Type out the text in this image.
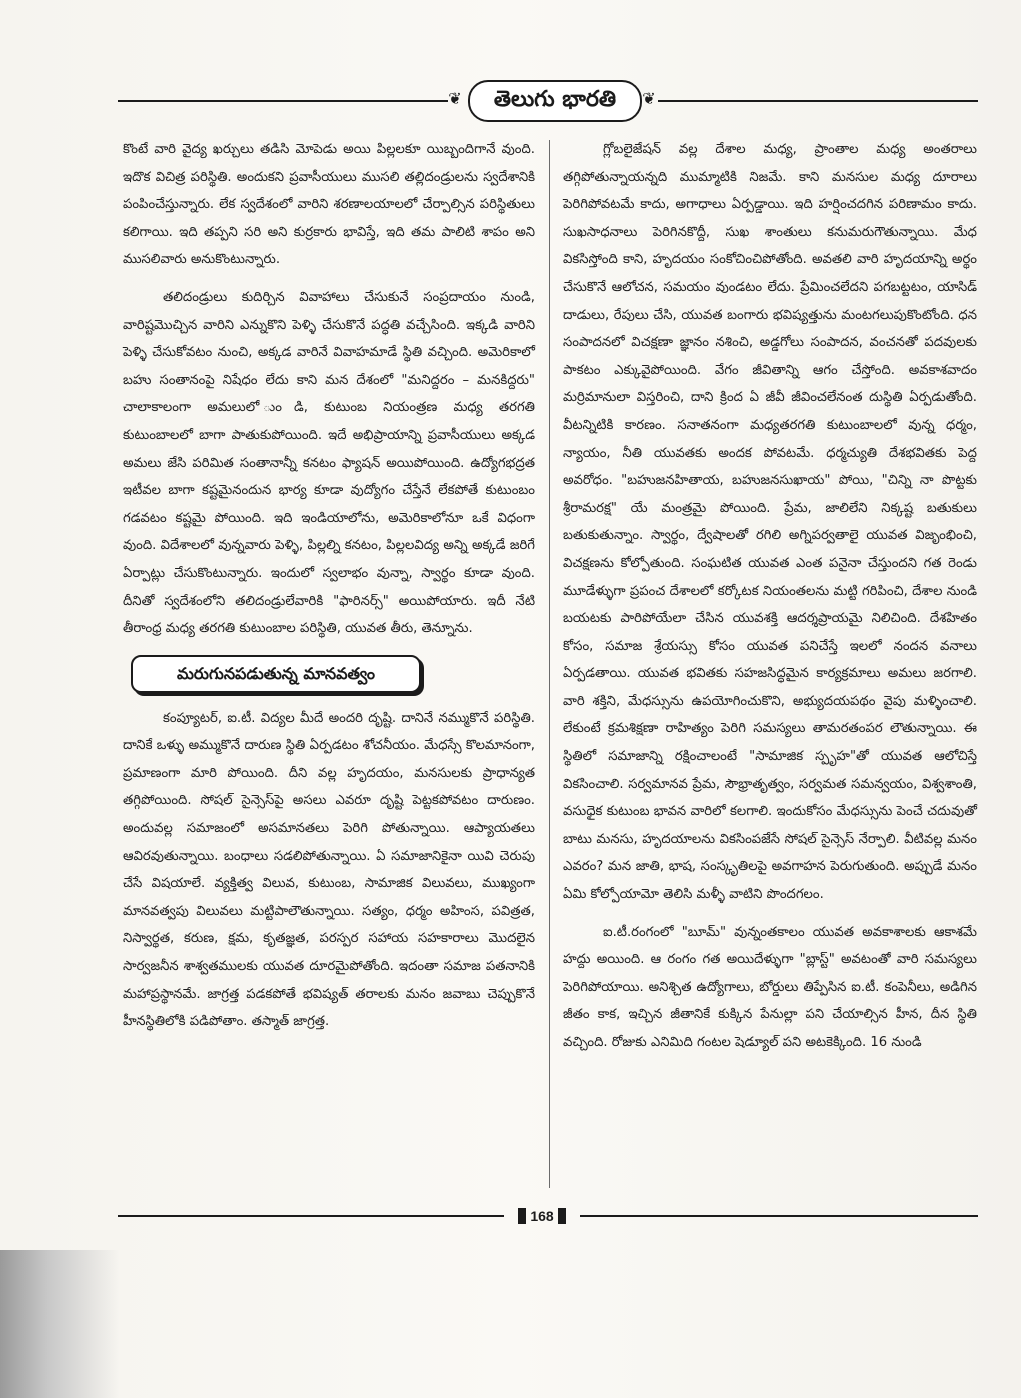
❦	తెలుగు భారతి	❦

కొంటే వారి వైద్య ఖర్చులు తడిసి మోపెడు అయి పిల్లలకూ యిబ్బందిగానే వుంది. ఇదొక విచిత్ర పరిస్థితి. అందుకని ప్రవాసీయులు ముసలి తల్లిదండ్రులను స్వదేశానికి పంపించేస్తున్నారు. లేక స్వదేశంలో వారిని శరణాలయాలలో చేర్పాల్సిన పరిస్థితులు కలిగాయి. ఇది తప్పని సరి అని కుర్రకారు భావిస్తే, ఇది తమ పాలిటి శాపం అని ముసలివారు అనుకొంటున్నారు.

తలిదండ్రులు కుదిర్చిన వివాహాలు చేసుకునే సంప్రదాయం నుండి, వారిష్టమొచ్చిన వారిని ఎన్నుకొని పెళ్ళి చేసుకొనే పద్ధతి వచ్చేసింది. ఇక్కడి వారిని పెళ్ళి చేసుకోవటం నుంచి, అక్కడ వారినే వివాహమాడే స్థితి వచ్చింది. అమెరికాలో బహు సంతానంపై నిషేధం లేదు కాని మన దేశంలో "మనిద్దరం – మనకిద్దరు" చాలాకాలంగా అమలులో ుండి, కుటుంబ నియంత్రణ మధ్య తరగతి కుటుంబాలలో బాగా పాతుకుపోయింది. ఇదే అభిప్రాయాన్ని ప్రవాసీయులు అక్కడ అమలు జేసి పరిమిత సంతానాన్నీ కనటం ఫ్యాషన్ అయిపోయింది. ఉద్యోగభద్రత ఇటీవల బాగా కష్టమైనందున భార్య కూడా వుద్యోగం చేస్తేనే లేకపోతే కుటుంబం గడవటం కష్టమై పోయింది. ఇది ఇండియాలోను, అమెరికాలోనూ ఒకే విధంగా వుంది. విదేశాలలో వున్నవారు పెళ్ళి, పిల్లల్ని కనటం, పిల్లలవిద్య అన్ని అక్కడే జరిగే ఏర్పాట్లు చేసుకొంటున్నారు. ఇందులో స్వలాభం వున్నా, స్వార్థం కూడా వుంది. దీనితో స్వదేశంలోని తలిదండ్రులేవారికి "ఫారినర్స్" అయిపోయారు. ఇదీ నేటి తీరాంధ్ర మధ్య తరగతి కుటుంబాల పరిస్థితి, యువత తీరు, తెన్నూను.

మరుగునపడుతున్న మానవత్వం

కంప్యూటర్, ఐ.టీ. విద్యల మీదే అందరి దృష్టి. దానినే నమ్ముకొనే పరిస్థితి. దానికే ఒళ్ళు అమ్ముకొనే దారుణ స్థితి ఏర్పడటం శోచనీయం. మేధస్సే కొలమానంగా, ప్రమాణంగా మారి పోయింది. దీని వల్ల హృదయం, మనసులకు ప్రాధాన్యత తగ్గిపోయింది. సోషల్ సైన్సెస్‌పై అసలు ఎవరూ దృష్టి పెట్టకపోవటం దారుణం. అందువల్ల సమాజంలో అసమానతలు పెరిగి పోతున్నాయి. ఆప్యాయతలు ఆవిరవుతున్నాయి. బంధాలు సడలిపోతున్నాయి. ఏ సమాజానికైనా యివి చెరుపు చేసే విషయాలే. వ్యక్తిత్వ విలువ, కుటుంబ, సామాజిక విలువలు, ముఖ్యంగా మానవత్వపు విలువలు మట్టిపాలౌతున్నాయి. సత్యం, ధర్మం అహింస, పవిత్రత, నిస్వార్థత, కరుణ, క్షమ, కృతజ్ఞత, పరస్పర సహాయ సహకారాలు మొదలైన సార్వజనీన శాశ్వతములకు యువత దూరమైపోతోంది. ఇదంతా సమాజ పతనానికి మహాప్రస్థానమే. జాగ్రత్త పడకపోతే భవిష్యత్ తరాలకు మనం జవాబు చెప్పుకొనే హీనస్థితిలోకి పడిపోతాం. తస్మాత్ జాగ్రత్త.

గ్లోబలైజేషన్ వల్ల దేశాల మధ్య, ప్రాంతాల మధ్య అంతరాలు తగ్గిపోతున్నాయన్నది ముమ్మాటికి నిజమే. కాని మనసుల మధ్య దూరాలు పెరిగిపోవటమే కాదు, అగాధాలు ఏర్పడ్డాయి. ఇది హర్షించదగిన పరిణామం కాదు. సుఖసాధనాలు పెరిగినకొద్దీ, సుఖ శాంతులు కనుమరుగౌతున్నాయి. మేధ వికసిస్తోంది కాని, హృదయం సంకోచించిపోతోంది. అవతలి వారి హృదయాన్ని అర్థం చేసుకొనే ఆలోచన, సమయం వుండటం లేదు. ప్రేమించలేదని పగబట్టటం, యాసిడ్ దాడులు, రేపులు చేసి, యువత బంగారు భవిష్యత్తును మంటగలుపుకొంటోంది. ధన సంపాదనలో విచక్షణా జ్ఞానం నశించి, అడ్డగోలు సంపాదన, వంచనతో పదవులకు పాకటం ఎక్కువైపోయింది. వేగం జీవితాన్ని ఆగం చేస్తోంది. అవకాశవాదం మర్రిమానులా విస్తరించి, దాని క్రింద ఏ జీవీ జీవించలేనంత దుస్థితి ఏర్పడుతోంది. వీటన్నిటికి కారణం. సనాతనంగా మధ్యతరగతి కుటుంబాలలో వున్న ధర్మం, న్యాయం, నీతి యువతకు అందక పోవటమే. ధర్మచ్యుతి దేశభవితకు పెద్ద అవరోధం. "బహుజనహితాయ, బహుజనసుఖాయ" పోయి, "చిన్ని నా పొట్టకు శ్రీరామరక్ష" యే మంత్రమై పోయింది. ప్రేమ, జాలిలేని నిక్కష్ట బతుకులు బతుకుతున్నాం. స్వార్థం, ద్వేషాలతో రగిలి అగ్నిపర్వతాలై యువత విజృంభించి, విచక్షణను కోల్పోతుంది. సంఘటిత యువత ఎంత పనైనా చేస్తుందని గత రెండు మూడేళ్ళుగా ప్రపంచ దేశాలలో కర్కోటక నియంతలను మట్టి గరిపించి, దేశాల నుండి బయటకు పారిపోయేలా చేసిన యువశక్తి ఆదర్శప్రాయమై నిలిచింది. దేశహితం కోసం, సమాజ శ్రేయస్సు కోసం యువత పనిచేస్తే ఇలలో నందన వనాలు ఏర్పడతాయి. యువత భవితకు సహజసిద్ధమైన కార్యక్రమాలు అమలు జరగాలి. వారి శక్తిని, మేధస్సును ఉపయోగించుకొని, అభ్యుదయపథం వైపు మళ్ళించాలి. లేకుంటే క్రమశిక్షణా రాహిత్యం పెరిగి సమస్యలు తామరతంపర లౌతున్నాయి. ఈ స్థితిలో సమాజాన్ని రక్షించాలంటే "సామాజిక స్పృహ"తో యువత ఆలోచిస్తే వికసించాలి. సర్వమానవ ప్రేమ, సౌభ్రాతృత్వం, సర్వమత సమన్వయం, విశ్వశాంతి, వసుధైక కుటుంబ భావన వారిలో కలగాలి. ఇందుకోసం మేధస్సును పెంచే చదువుతో బాటు మనసు, హృదయాలను వికసింపజేసే సోషల్ సైన్సెస్ నేర్పాలి. వీటివల్ల మనం ఎవరం? మన జాతి, భాష, సంస్కృతిలపై అవగాహన పెరుగుతుంది. అప్పుడే మనం ఏమి కోల్పోయామో తెలిసి మళ్ళీ వాటిని పొందగలం.

ఐ.టీ.రంగంలో "బూమ్" వున్నంతకాలం యువత అవకాశాలకు ఆకాశమే హద్దు అయింది. ఆ రంగం గత అయిదేళ్ళుగా "బ్లాస్ట్" అవటంతో వారి సమస్యలు పెరిగిపోయాయి. అనిశ్చిత ఉద్యోగాలు, బోర్డులు తిప్పేసిన ఐ.టీ. కంపెనీలు, అడిగిన జీతం కాక, ఇచ్చిన జీతానికే కుక్కిన పేనుల్లా పని చేయాల్సిన హీన, దీన స్థితి వచ్చింది. రోజుకు ఎనిమిది గంటల షెడ్యూల్ పని అటకెక్కింది. 16 నుండి

168
